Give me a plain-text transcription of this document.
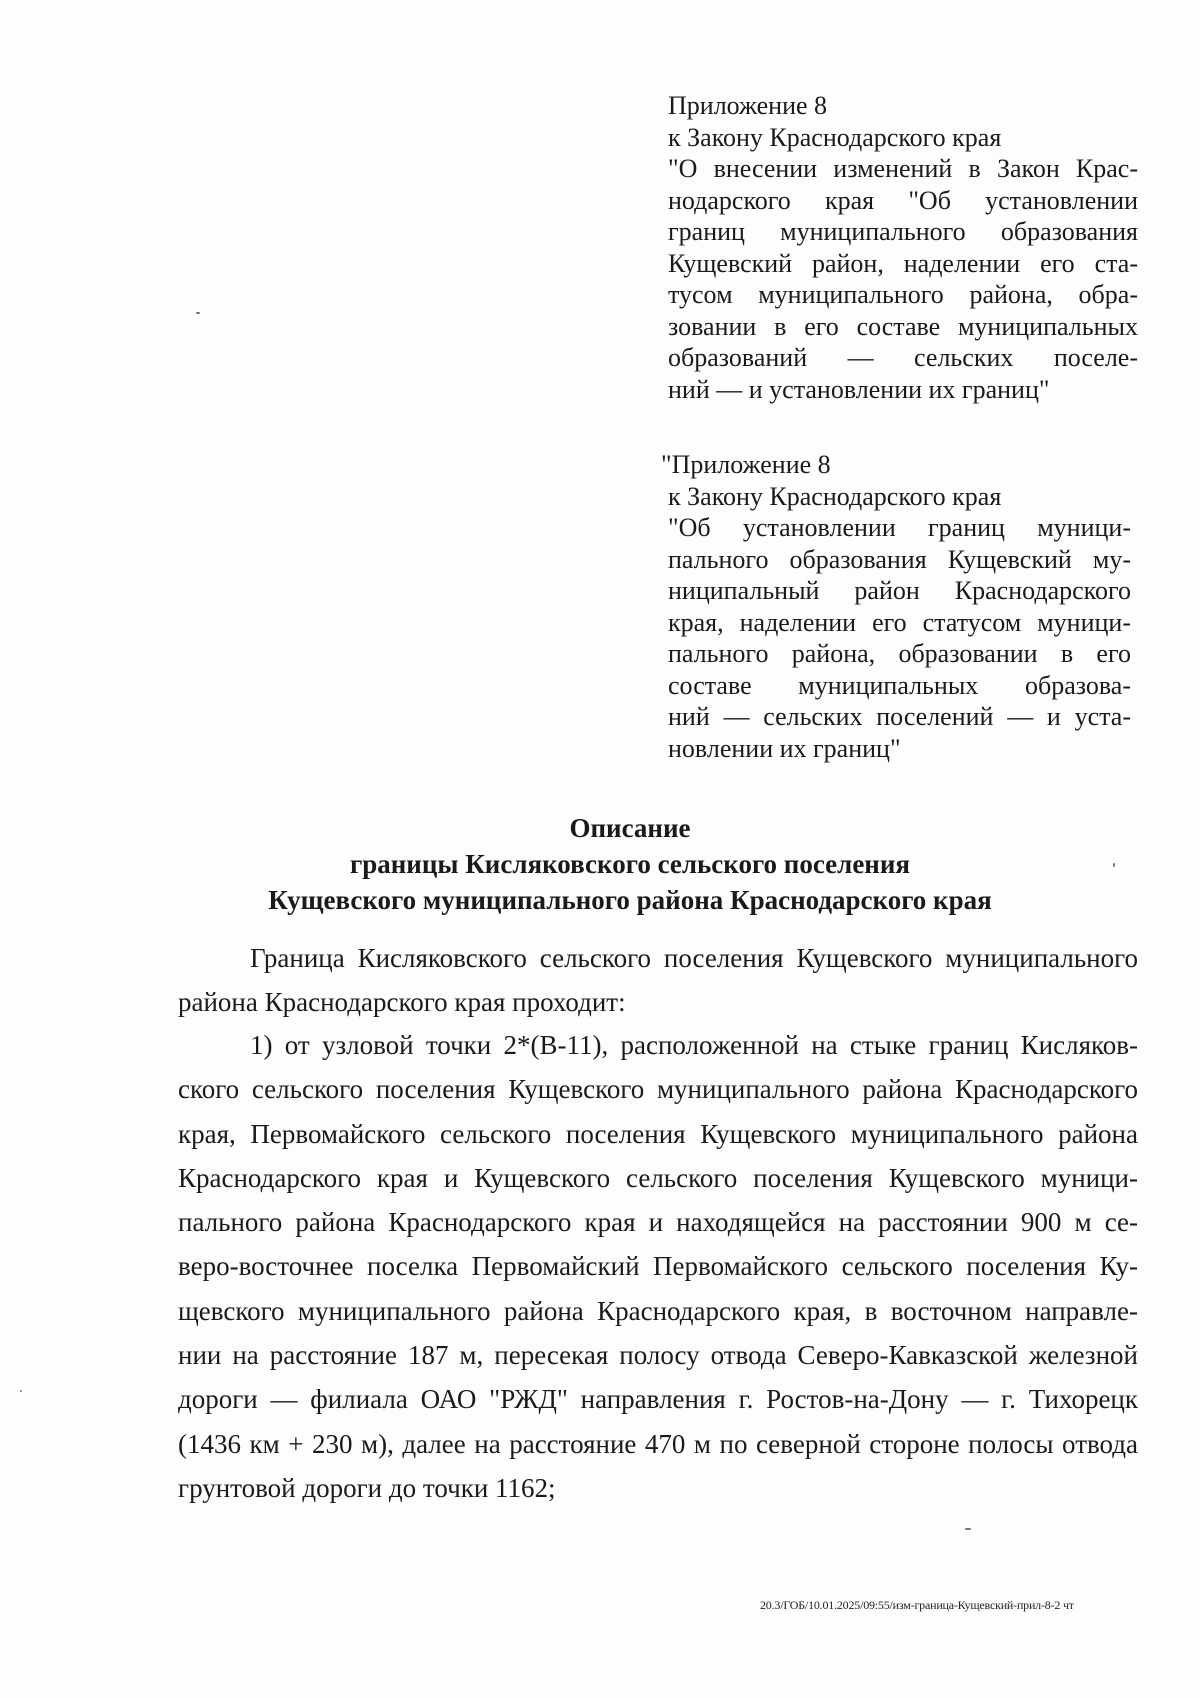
Приложение 8
к Закону Краснодарского края
"О внесении изменений в Закон Крас-
нодарского края "Об установлении
границ муниципального образования
Кущевский район, наделении его ста-
тусом муниципального района, обра-
зовании в его составе муниципальных
образований — сельских поселе-
ний — и установлении их границ"
"Приложение 8
к Закону Краснодарского края
"Об установлении границ муници-
пального образования Кущевский му-
ниципальный район Краснодарского
края, наделении его статусом муници-
пального района, образовании в его
составе муниципальных образова-
ний — сельских поселений — и уста-
новлении их границ"
Описание
границы Кисляковского сельского поселения
Кущевского муниципального района Краснодарского края
Граница Кисляковского сельского поселения Кущевского муниципального
района Краснодарского края проходит:
1) от узловой точки 2*(В-11), расположенной на стыке границ Кисляков-
ского сельского поселения Кущевского муниципального района Краснодарского
края, Первомайского сельского поселения Кущевского муниципального района
Краснодарского края и Кущевского сельского поселения Кущевского муници-
пального района Краснодарского края и находящейся на расстоянии 900 м се-
веро-восточнее поселка Первомайский Первомайского сельского поселения Ку-
щевского муниципального района Краснодарского края, в восточном направле-
нии на расстояние 187 м, пересекая полосу отвода Северо-Кавказской железной
дороги — филиала ОАО "РЖД" направления г. Ростов-на-Дону — г. Тихорецк
(1436 км + 230 м), далее на расстояние 470 м по северной стороне полосы отвода
грунтовой дороги до точки 1162;
20.3/ГОБ/10.01.2025/09:55/изм-граница-Кущевский-прил-8-2 чт
